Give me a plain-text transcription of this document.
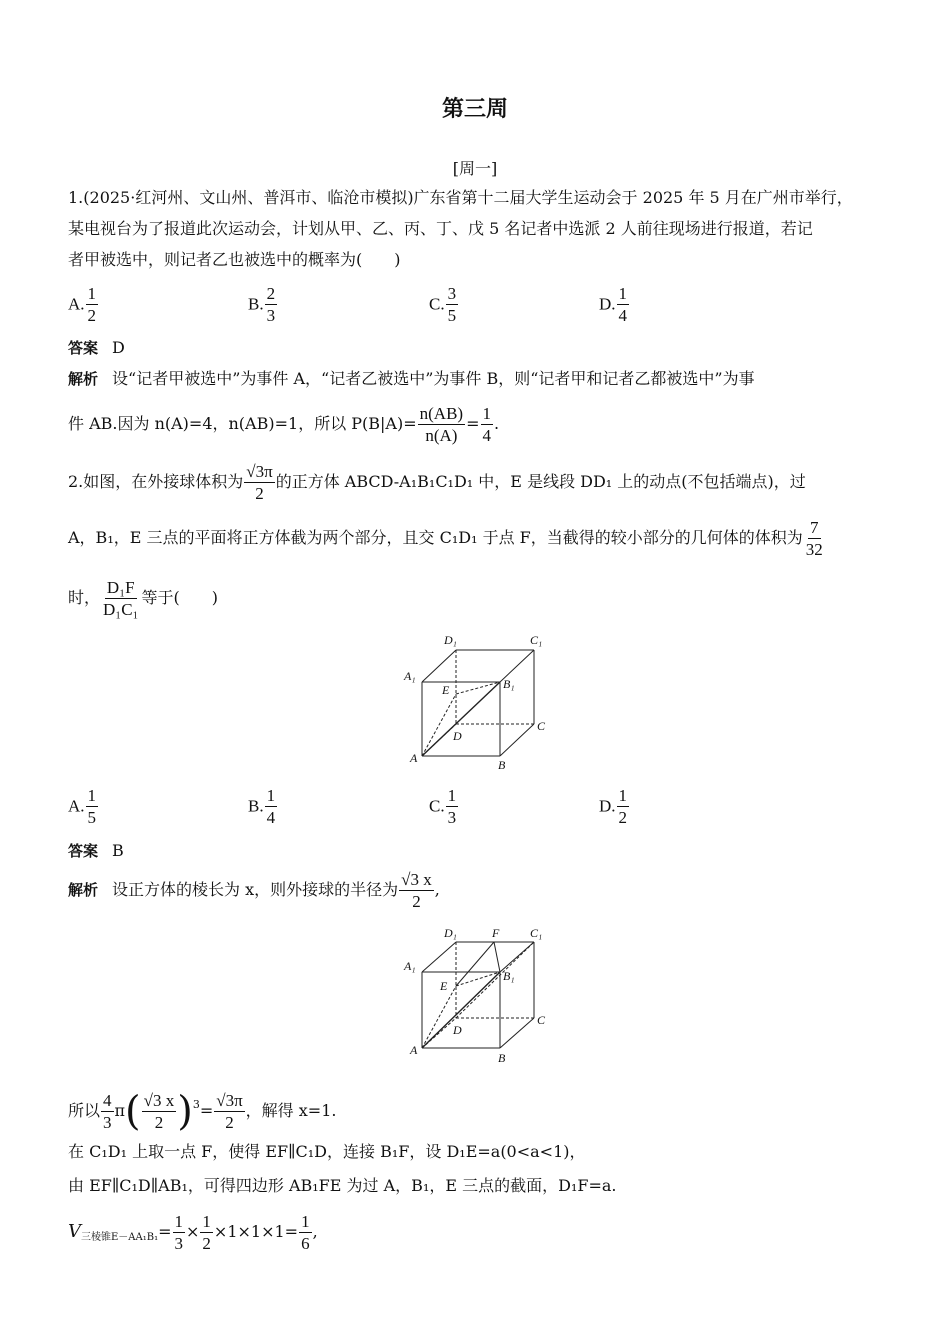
第三周
[周一]
1.(2025·红河州、文山州、普洱市、临沧市模拟)广东省第十二届大学生运动会于 2025 年 5 月在广州市举行，
某电视台为了报道此次运动会，计划从甲、乙、丙、丁、戊 5 名记者中选派 2 人前往现场进行报道，若记
者甲被选中，则记者乙也被选中的概率为(　　)
A. $\frac{1}{2}$	B. $\frac{2}{3}$	C. $\frac{3}{5}$	D. $\frac{1}{4}$
答案 D
解析 设“记者甲被选中”为事件 A，“记者乙被选中”为事件 B，则“记者甲和记者乙都被选中”为事
件 AB.因为 n(A)=4，n(AB)=1，所以 $P(B|A)= \frac{n(AB)}{n(A)} = \frac{1}{4}$ .
2.如图，在外接球体积为 $\frac{√3\pi}{2}$ 的正方体 ABCD-A₁B₁C₁D₁ 中，E 是线段 DD₁ 上的动点(不包括端点)，过
A，B₁，E 三点的平面将正方体截为两个部分，且交 C₁D₁ 于点 F，当截得的较小部分的几何体的体积为 $\frac{7}{32}$
时， $\frac{\text{D₁F}}{\text{D₁C₁}}$ 等于(　　)
D₁	C₁
A₁
B₁
E
D
C
A	B
A. $\frac{1}{5}$	B. $\frac{1}{4}$	C. $\frac{1}{3}$	D. $\frac{1}{2}$
答案 B
解析 设正方体的棱长为 x，则外接球的半径为 $\frac{√3 x}{2}$ ,
D₁	F	C₁
A₁
B₁
E
D
C
A
B
所以 $\frac{4}{3} \pi( \frac{√3 x}{2} )^3= \frac{√3\pi}{2}$ ，解得 x=1.
在 C₁D₁ 上取一点 F，使得 EF∥C₁D，连接 B₁F，设 D₁E=a(0<a<1)，
由 EF∥C₁D∥AB₁，可得四边形 AB₁FE 为过 A，B₁，E 三点的截面，D₁F=a.
$V_{三棱锥E-AA_1B_1}= \frac{1}{3} \times \frac{1}{2} \times 1\times 1\times 1= \frac{1}{6}$ ,
